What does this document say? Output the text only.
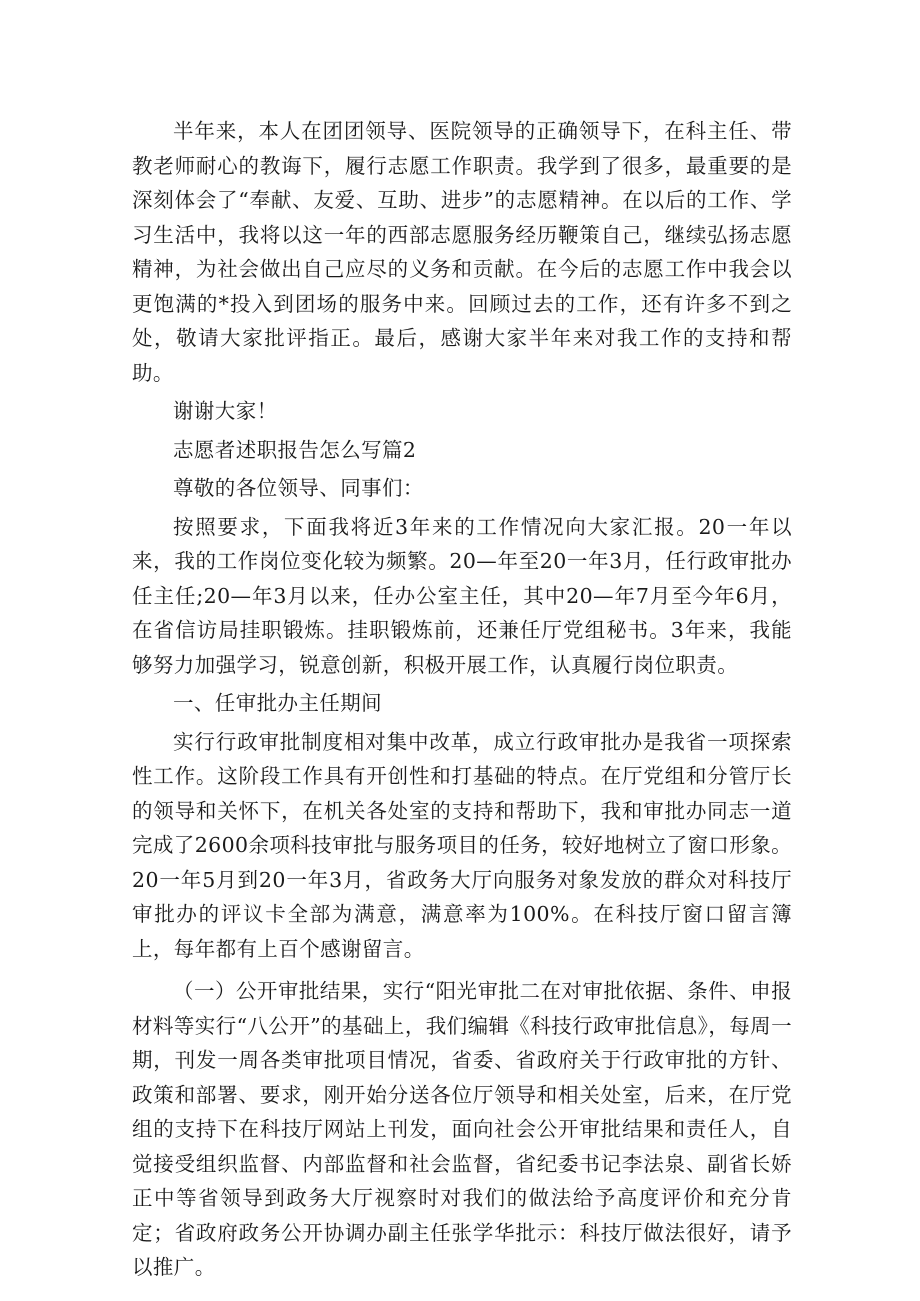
半年来，本人在团团领导、医院领导的正确领导下，在科主任、带教老师耐心的教诲下，履行志愿工作职责。我学到了很多，最重要的是深刻体会了“奉献、友爱、互助、进步”的志愿精神。在以后的工作、学习生活中，我将以这一年的西部志愿服务经历鞭策自己，继续弘扬志愿精神，为社会做出自己应尽的义务和贡献。在今后的志愿工作中我会以更饱满的*投入到团场的服务中来。回顾过去的工作，还有许多不到之处，敬请大家批评指正。最后，感谢大家半年来对我工作的支持和帮助。

谢谢大家！

志愿者述职报告怎么写篇2

尊敬的各位领导、同事们：

按照要求，下面我将近3年来的工作情况向大家汇报。20一年以来，我的工作岗位变化较为频繁。20—年至20一年3月，任行政审批办任主任;20—年3月以来，任办公室主任，其中20—年7月至今年6月，在省信访局挂职锻炼。挂职锻炼前，还兼任厅党组秘书。3年来，我能够努力加强学习，锐意创新，积极开展工作，认真履行岗位职责。

一、任审批办主任期间

实行行政审批制度相对集中改革，成立行政审批办是我省一项探索性工作。这阶段工作具有开创性和打基础的特点。在厅党组和分管厅长的领导和关怀下，在机关各处室的支持和帮助下，我和审批办同志一道完成了2600余项科技审批与服务项目的任务，较好地树立了窗口形象。20一年5月到20一年3月，省政务大厅向服务对象发放的群众对科技厅审批办的评议卡全部为满意，满意率为100%。在科技厅窗口留言簿上，每年都有上百个感谢留言。

（一）公开审批结果，实行“阳光审批二在对审批依据、条件、申报材料等实行“八公开”的基础上，我们编辑《科技行政审批信息》，每周一期，刊发一周各类审批项目情况，省委、省政府关于行政审批的方针、政策和部署、要求，刚开始分送各位厅领导和相关处室，后来，在厅党组的支持下在科技厅网站上刊发，面向社会公开审批结果和责任人，自觉接受组织监督、内部监督和社会监督，省纪委书记李法泉、副省长娇正中等省领导到政务大厅视察时对我们的做法给予高度评价和充分肯定；省政府政务公开协调办副主任张学华批示：科技厅做法很好，请予以推广。
